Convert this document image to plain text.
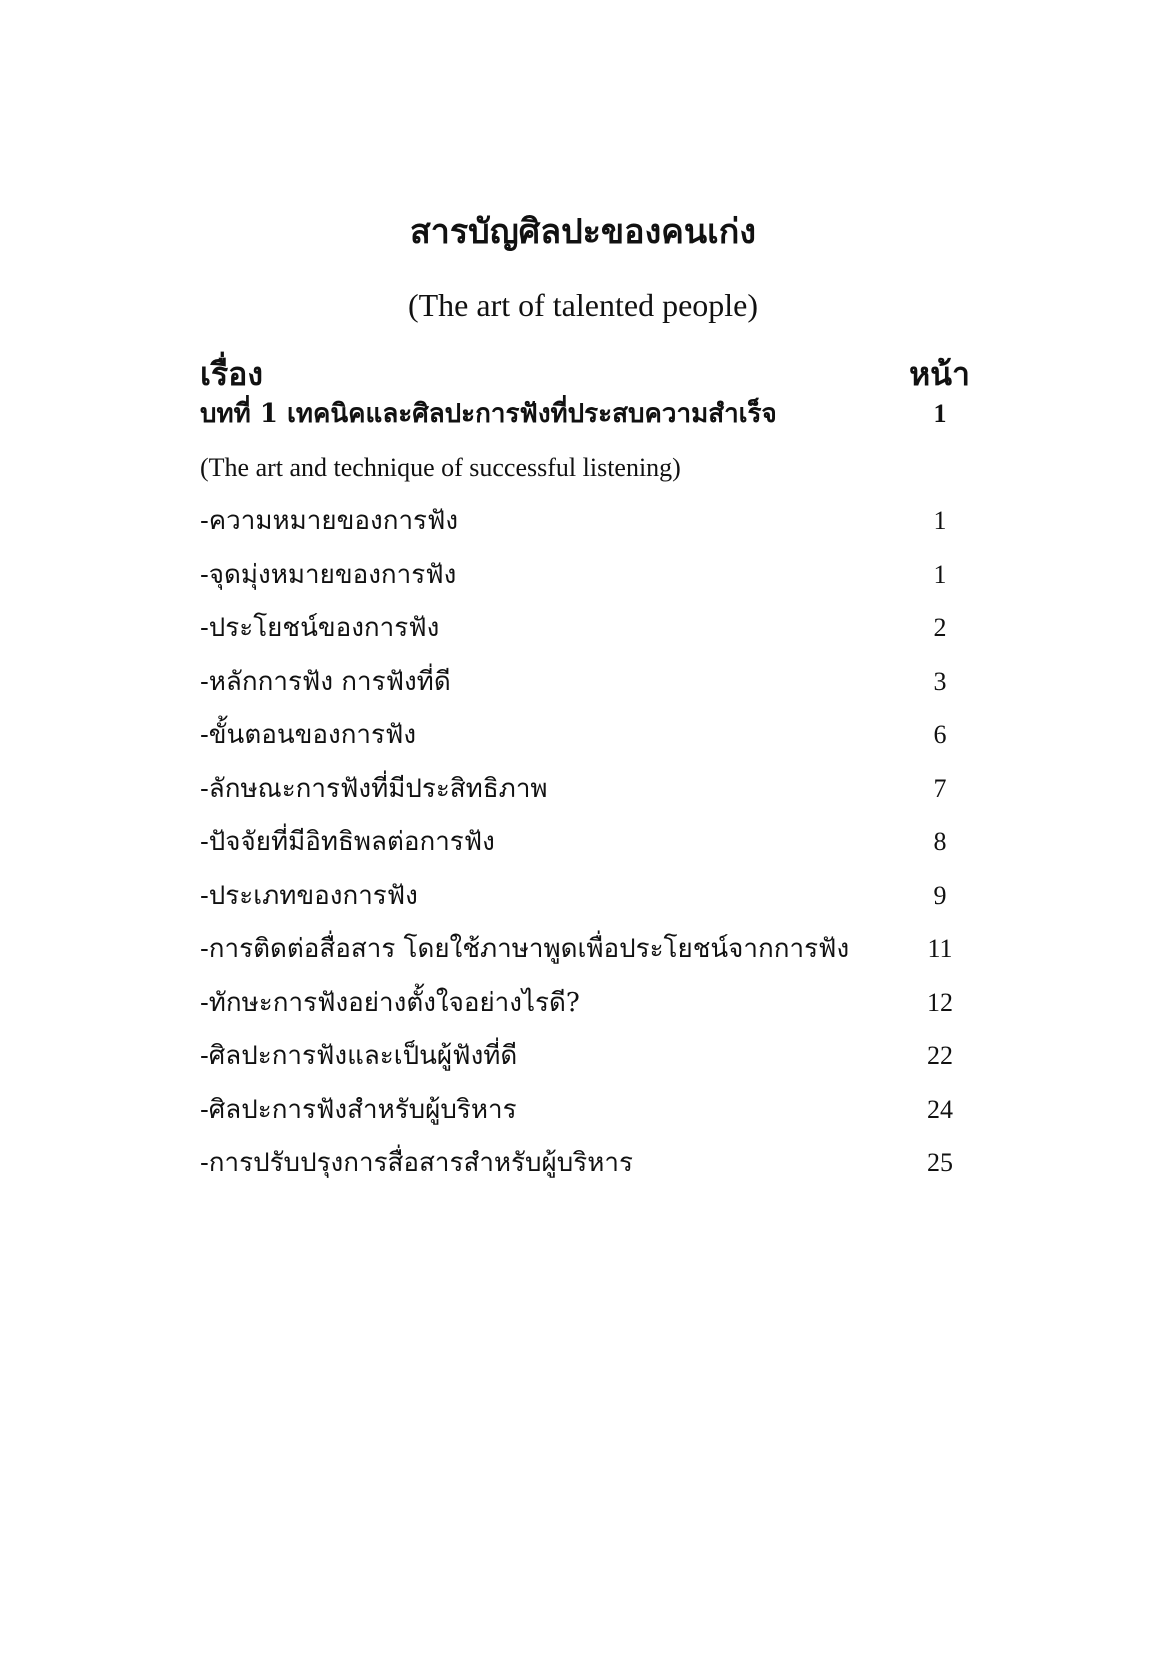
สารบัญศิลปะของคนเก่ง
(The art of talented people)
เรื่อง	หน้า
บทที่ 1 เทคนิคและศิลปะการฟังที่ประสบความสำเร็จ	1
(The art and technique of successful listening)
-ความหมายของการฟัง	1
-จุดมุ่งหมายของการฟัง	1
-ประโยชน์ของการฟัง	2
-หลักการฟัง การฟังที่ดี	3
-ขั้นตอนของการฟัง	6
-ลักษณะการฟังที่มีประสิทธิภาพ	7
-ปัจจัยที่มีอิทธิพลต่อการฟัง	8
-ประเภทของการฟัง	9
-การติดต่อสื่อสาร โดยใช้ภาษาพูดเพื่อประโยชน์จากการฟัง	11
-ทักษะการฟังอย่างตั้งใจอย่างไรดี?	12
-ศิลปะการฟังและเป็นผู้ฟังที่ดี	22
-ศิลปะการฟังสำหรับผู้บริหาร	24
-การปรับปรุงการสื่อสารสำหรับผู้บริหาร	25
